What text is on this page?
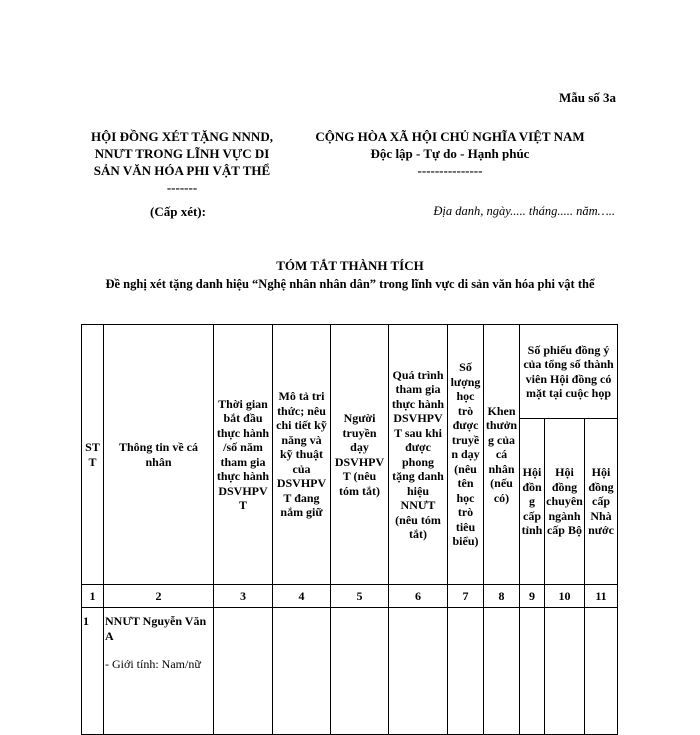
Mẫu số 3a
HỘI ĐỒNG XÉT TẶNG NNND,
NNƯT TRONG LĨNH VỰC DI
SẢN VĂN HÓA PHI VẬT THỂ
-------
CỘNG HÒA XÃ HỘI CHỦ NGHĨA VIỆT NAM
Độc lập - Tự do - Hạnh phúc
---------------
(Cấp xét):	Địa danh, ngày..... tháng..... năm…..
TÓM TẮT THÀNH TÍCH
Đề nghị xét tặng danh hiệu “Nghệ nhân nhân dân” trong lĩnh vực di sản văn hóa phi vật thể
STT	Thông tin về cá nhân	Thời gian bắt đầu thực hành /số năm tham gia thực hành DSVHPVT	Mô tả tri thức; nêu chi tiết kỹ năng và kỹ thuật của DSVHPVT đang nắm giữ	Người truyền dạy DSVHPVT (nêu tóm tắt)	Quá trình tham gia thực hành DSVHPVT sau khi được phong tặng danh hiệu NNƯT (nêu tóm tắt)	Số lượng học trò được truyền dạy (nêu tên học trò tiêu biểu)	Khen thưởng của cá nhân (nếu có)	Số phiếu đồng ý của tổng số thành viên Hội đồng có mặt tại cuộc họp		
								Hội đồng cấp tỉnh	Hội đồng chuyên ngành cấp Bộ	Hội đồng cấp Nhà nước
1	2	3	4	5	6	7	8	9	10	11
1	NNƯT Nguyễn Văn A
- Giới tính: Nam/nữ									
